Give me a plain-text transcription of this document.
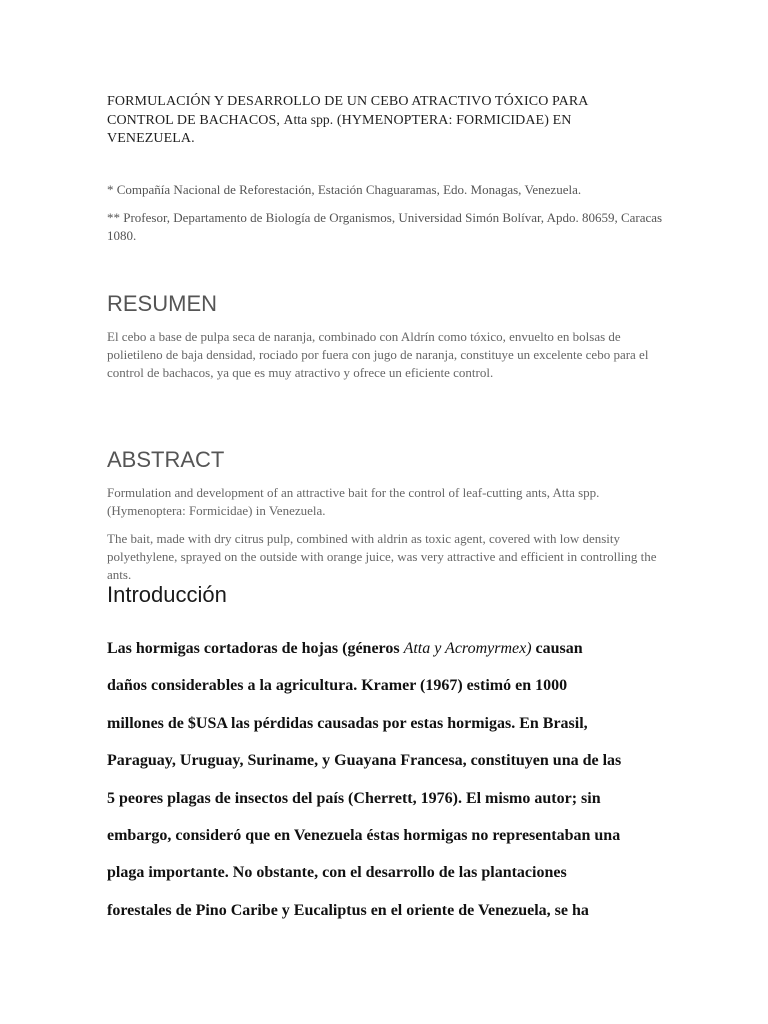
FORMULACIÓN Y DESARROLLO DE UN CEBO ATRACTIVO TÓXICO PARA
CONTROL DE BACHACOS, Atta spp. (HYMENOPTERA: FORMICIDAE) EN
VENEZUELA.
* Compañía Nacional de Reforestación, Estación Chaguaramas, Edo. Monagas, Venezuela.
** Profesor, Departamento de Biología de Organismos, Universidad Simón Bolívar, Apdo. 80659, Caracas 1080.
RESUMEN
El cebo a base de pulpa seca de naranja, combinado con Aldrín como tóxico, envuelto en bolsas de polietileno de baja densidad, rociado por fuera con jugo de naranja, constituye un excelente cebo para el control de bachacos, ya que es muy atractivo y ofrece un eficiente control.
ABSTRACT
Formulation and development of an attractive bait for the control of leaf-cutting ants, Atta spp. (Hymenoptera: Formicidae) in Venezuela.
The bait, made with dry citrus pulp, combined with aldrin as toxic agent, covered with low density polyethylene, sprayed on the outside with orange juice, was very attractive and efficient in controlling the ants.
Introducción
Las hormigas cortadoras de hojas (géneros Atta y Acromyrmex) causan
daños considerables a la agricultura. Kramer (1967) estimó en 1000
millones de $USA las pérdidas causadas por estas hormigas. En Brasil,
Paraguay, Uruguay, Suriname, y Guayana Francesa, constituyen una de las
5 peores plagas de insectos del país (Cherrett, 1976). El mismo autor; sin
embargo, consideró que en Venezuela éstas hormigas no representaban una
plaga importante. No obstante, con el desarrollo de las plantaciones
forestales de Pino Caribe y Eucaliptus en el oriente de Venezuela, se ha
